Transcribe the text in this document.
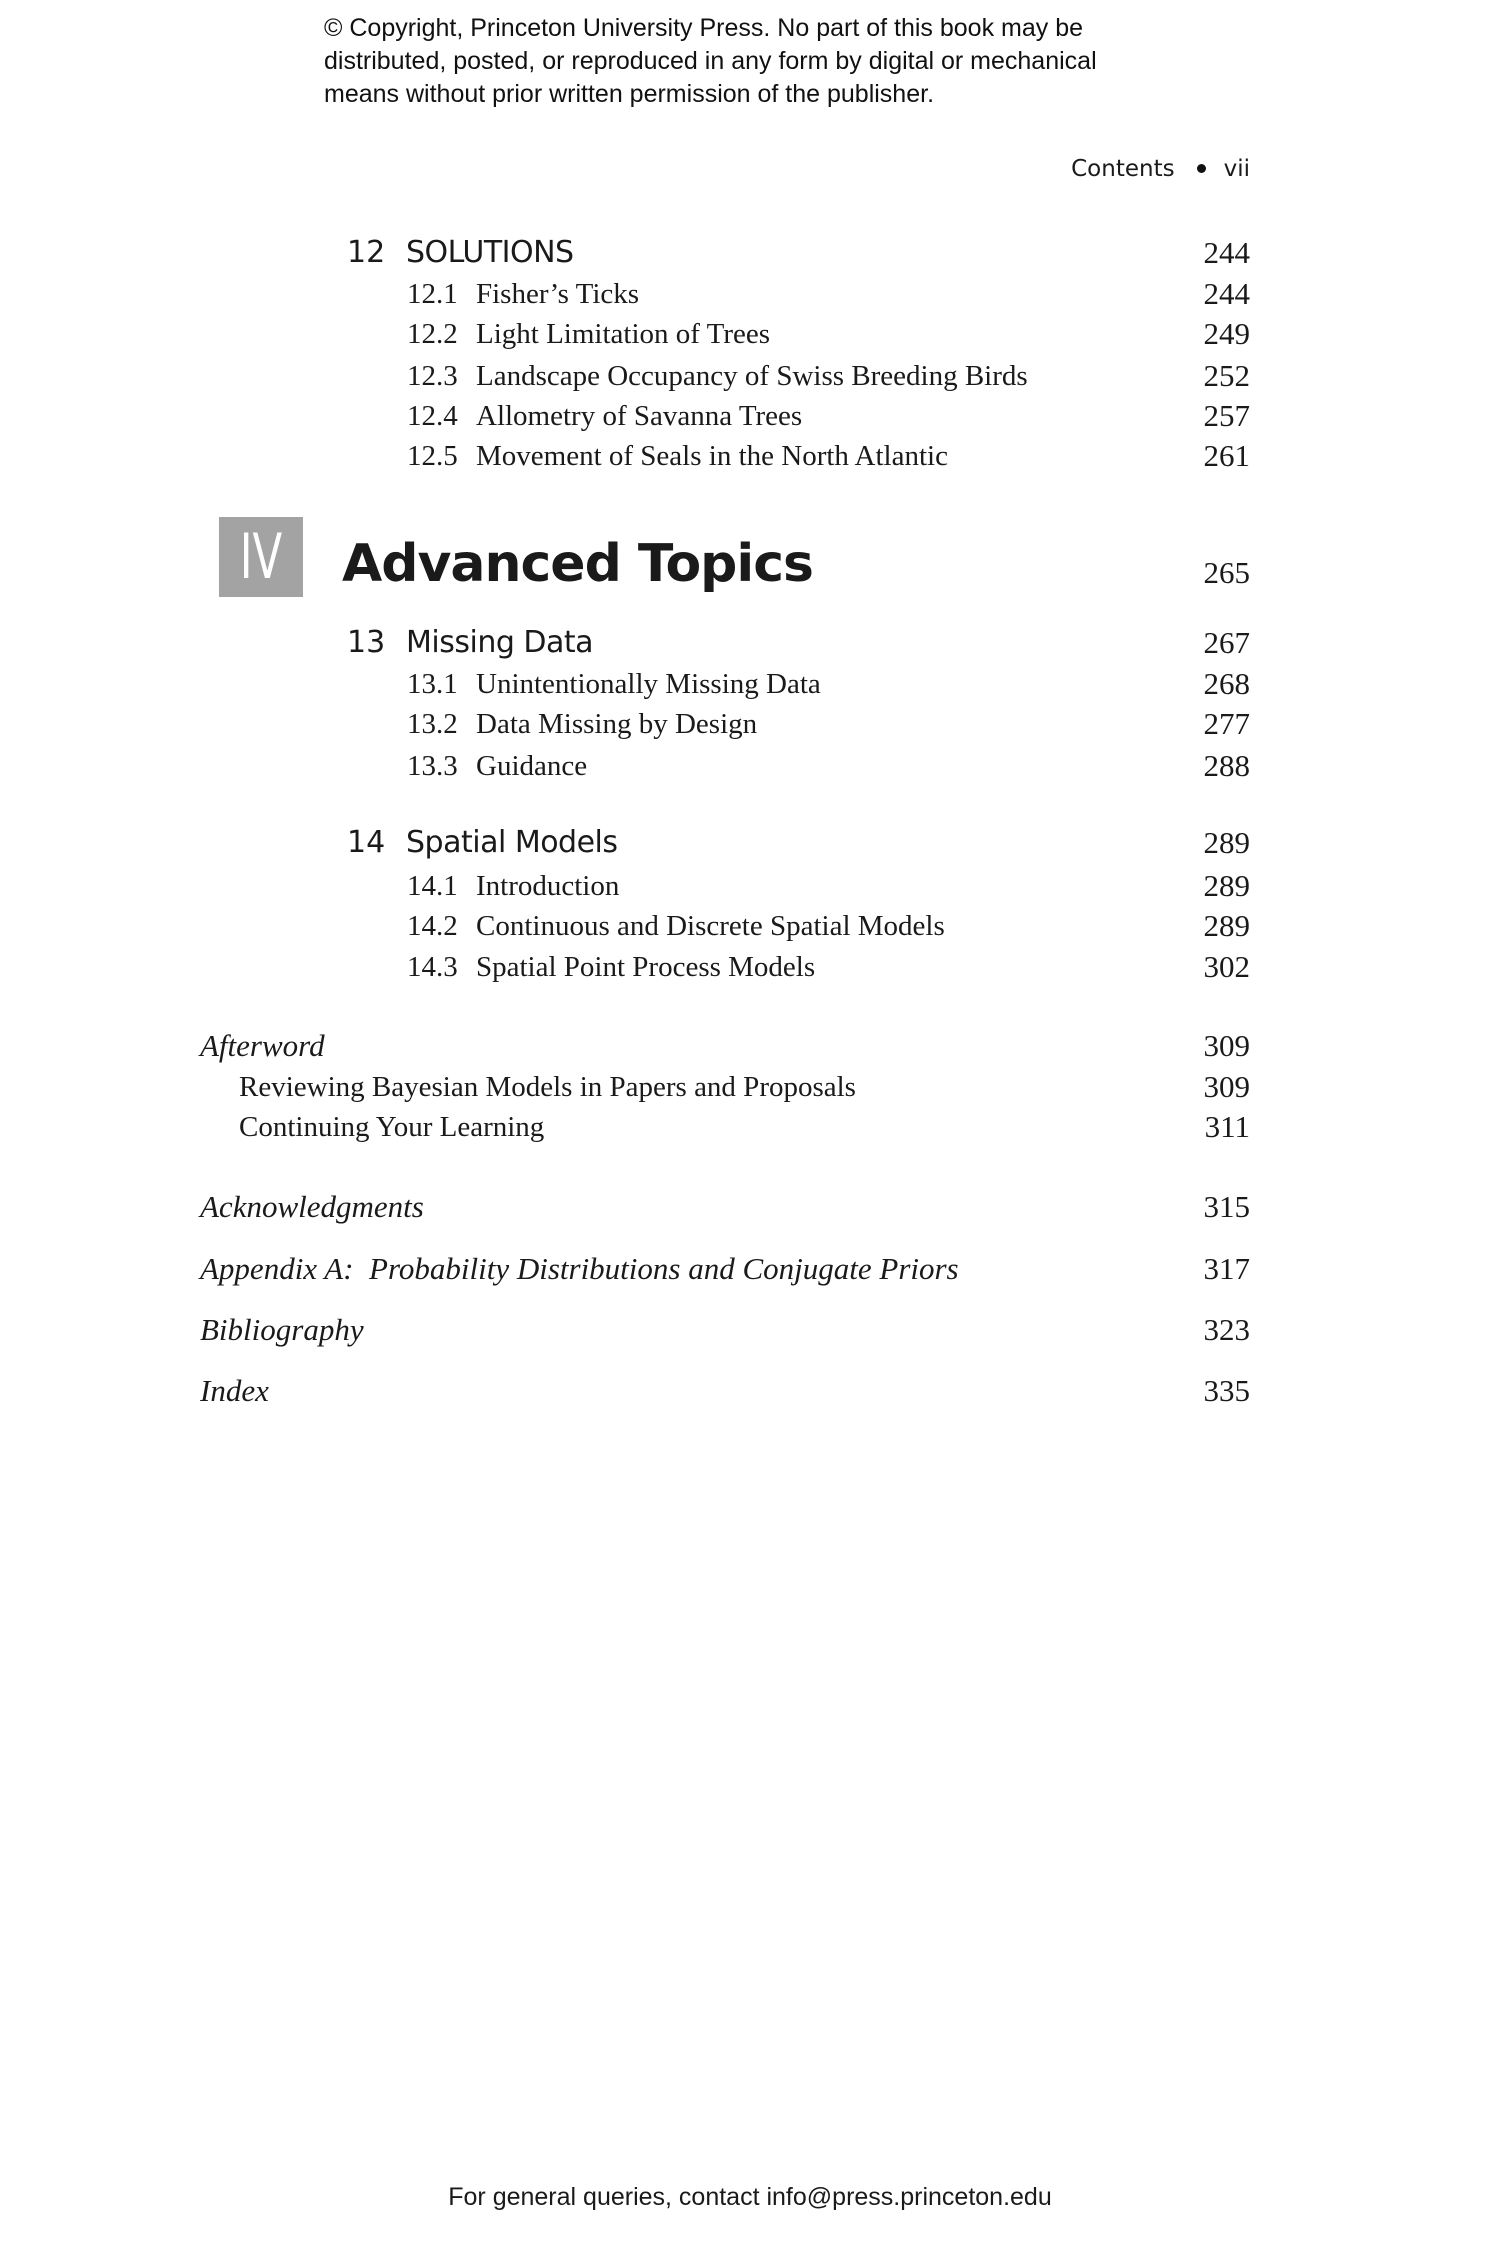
© Copyright, Princeton University Press. No part of this book may be
distributed, posted, or reproduced in any form by digital or mechanical
means without prior written permission of the publisher.
Contents vii
12 SOLUTIONS	244
12.1 Fisher’s Ticks	244
12.2 Light Limitation of Trees	249
12.3 Landscape Occupancy of Swiss Breeding Birds	252
12.4 Allometry of Savanna Trees	257
12.5 Movement of Seals in the North Atlantic	261
IV	Advanced Topics	265
13 Missing Data	267
13.1 Unintentionally Missing Data	268
13.2 Data Missing by Design	277
13.3 Guidance	288
14 Spatial Models	289
14.1 Introduction	289
14.2 Continuous and Discrete Spatial Models	289
14.3 Spatial Point Process Models	302
Afterword	309
Reviewing Bayesian Models in Papers and Proposals	309
Continuing Your Learning	311
Acknowledgments	315
Appendix A:  Probability Distributions and Conjugate Priors	317
Bibliography	323
Index	335
For general queries, contact info@press.princeton.edu
